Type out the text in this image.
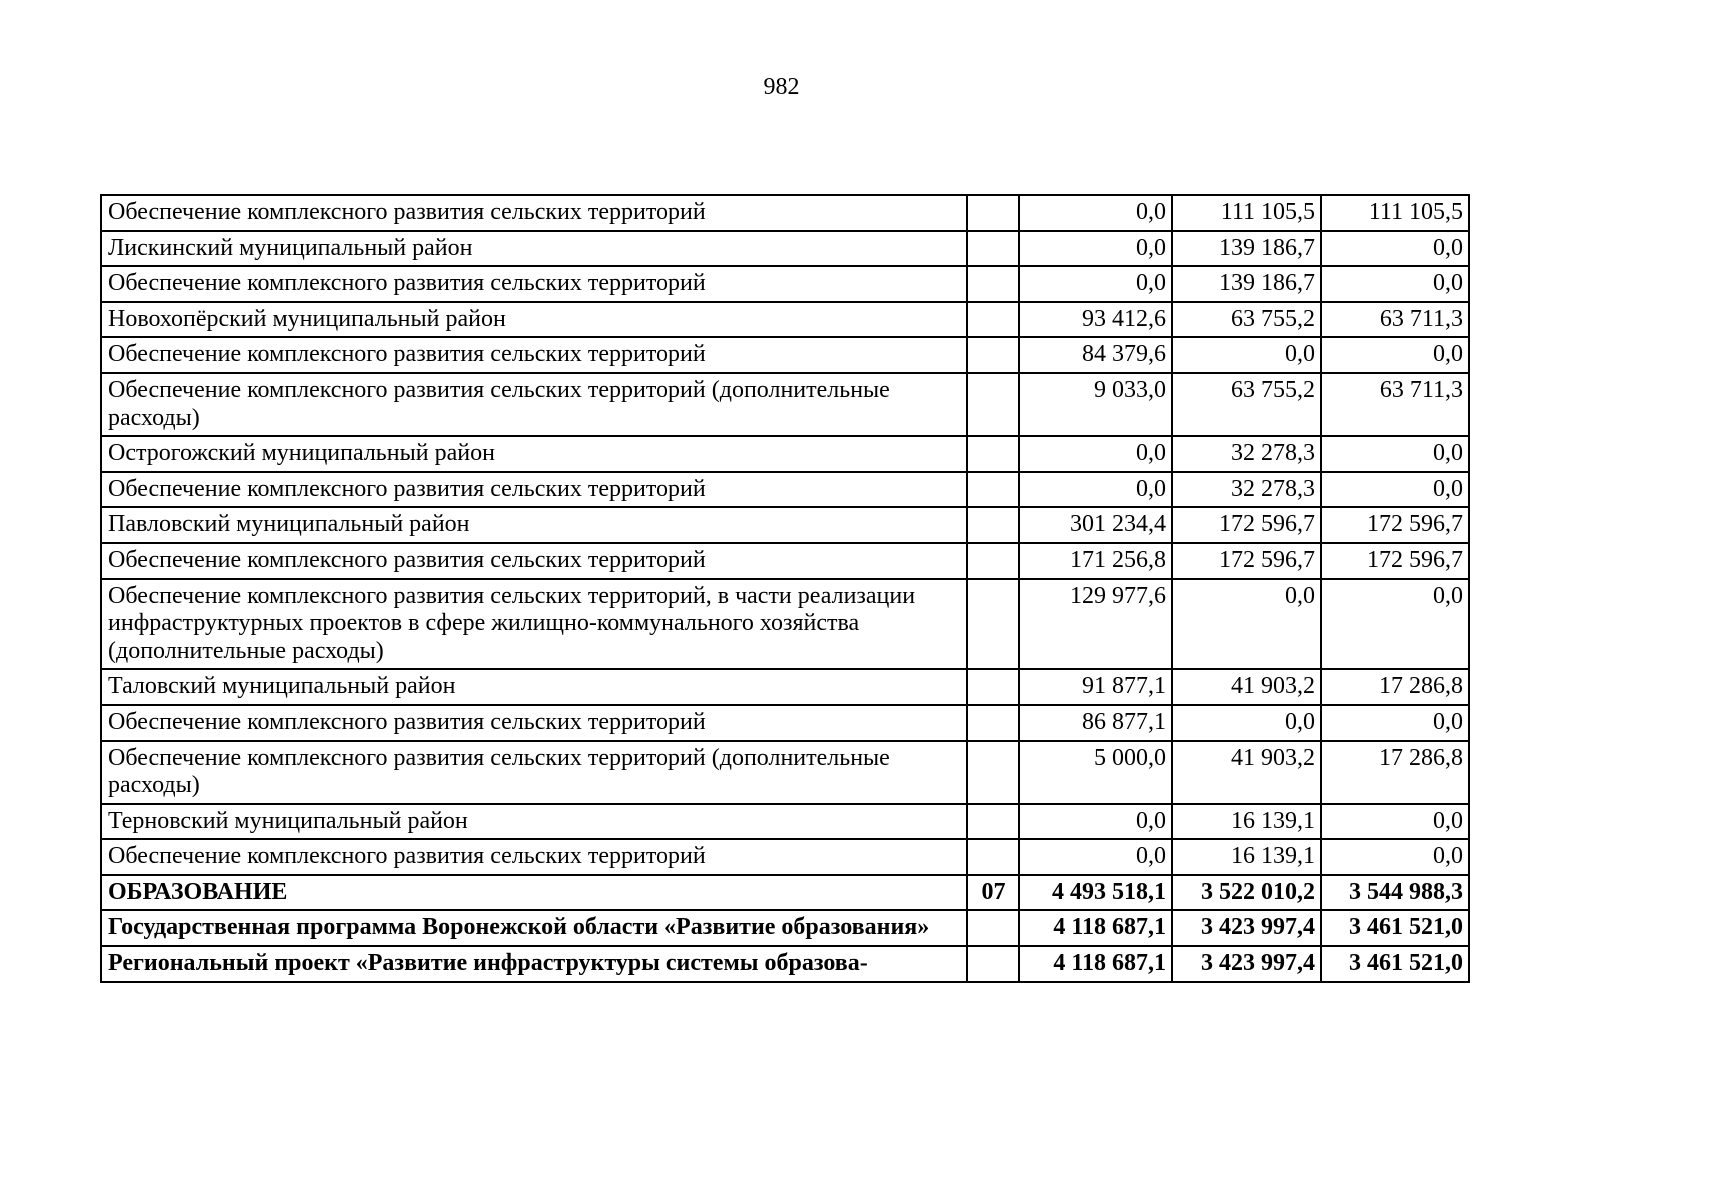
982
Обеспечение комплексного развития сельских территорий		0,0	111 105,5	111 105,5
Лискинский муниципальный район		0,0	139 186,7	0,0
Обеспечение комплексного развития сельских территорий		0,0	139 186,7	0,0
Новохопёрский муниципальный район		93 412,6	63 755,2	63 711,3
Обеспечение комплексного развития сельских территорий		84 379,6	0,0	0,0
Обеспечение комплексного развития сельских территорий (дополнительные расходы)		9 033,0	63 755,2	63 711,3
Острогожский муниципальный район		0,0	32 278,3	0,0
Обеспечение комплексного развития сельских территорий		0,0	32 278,3	0,0
Павловский муниципальный район		301 234,4	172 596,7	172 596,7
Обеспечение комплексного развития сельских территорий		171 256,8	172 596,7	172 596,7
Обеспечение комплексного развития сельских территорий, в части реализации инфраструктурных проектов в сфере жилищно-коммунального хозяйства (дополнительные расходы)		129 977,6	0,0	0,0
Таловский муниципальный район		91 877,1	41 903,2	17 286,8
Обеспечение комплексного развития сельских территорий		86 877,1	0,0	0,0
Обеспечение комплексного развития сельских территорий (дополнительные расходы)		5 000,0	41 903,2	17 286,8
Терновский муниципальный район		0,0	16 139,1	0,0
Обеспечение комплексного развития сельских территорий		0,0	16 139,1	0,0
ОБРАЗОВАНИЕ	07	4 493 518,1	3 522 010,2	3 544 988,3
Государственная программа Воронежской области «Развитие образования»		4 118 687,1	3 423 997,4	3 461 521,0
Региональный проект «Развитие инфраструктуры системы образова-		4 118 687,1	3 423 997,4	3 461 521,0
